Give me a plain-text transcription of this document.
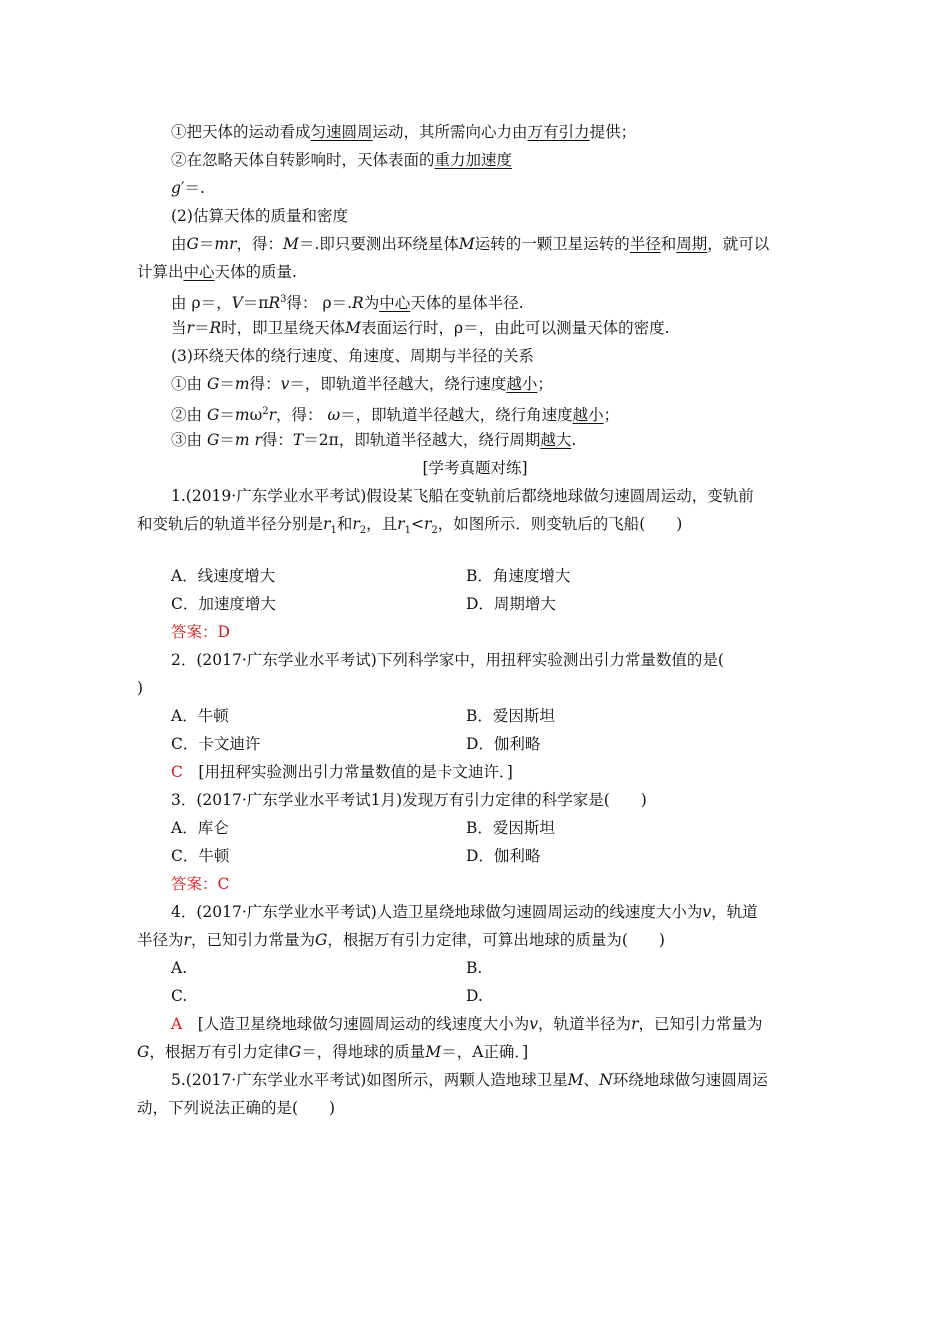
①把天体的运动看成匀速圆周运动，其所需向心力由万有引力提供；
②在忽略天体自转影响时，天体表面的重力加速度
g′＝.
(2)估算天体的质量和密度
由G＝mr，得：M＝.即只要测出环绕星体M运转的一颗卫星运转的半径和周期，就可以
计算出中心天体的质量.
由 ρ＝，$V=\pi R^3$得： ρ＝.R为中心天体的星体半径.
当r＝R时，即卫星绕天体M表面运行时，ρ＝，由此可以测量天体的密度.
(3)环绕天体的绕行速度、角速度、周期与半径的关系
①由 G＝m得：v＝，即轨道半径越大，绕行速度越小；
②由 $G=m\omega^2r$，得： ω＝，即轨道半径越大，绕行角速度越小；
③由 G＝m r得：T＝2π，即轨道半径越大，绕行周期越大.
[学考真题对练]
1.(2019·广东学业水平考试)假设某飞船在变轨前后都绕地球做匀速圆周运动，变轨前
和变轨后的轨道半径分别是$r_1$和$r_2$，且$r_1<r_2$，如图所示．则变轨后的飞船(　　)
A．线速度增大	B．角速度增大
C．加速度增大	D．周期增大
答案：D
2．(2017·广东学业水平考试)下列科学家中，用扭秤实验测出引力常量数值的是(
)
A．牛顿	B．爱因斯坦
C．卡文迪许	D．伽利略
C　 [用扭秤实验测出引力常量数值的是卡文迪许．]
3．(2017·广东学业水平考试1月)发现万有引力定律的科学家是(　　)
A．库仑	B．爱因斯坦
C．牛顿	D．伽利略
答案：C
4．(2017·广东学业水平考试)人造卫星绕地球做匀速圆周运动的线速度大小为v，轨道
半径为r，已知引力常量为G，根据万有引力定律，可算出地球的质量为(　　)
A.	B.
C.	D.
A　 [人造卫星绕地球做匀速圆周运动的线速度大小为v，轨道半径为r，已知引力常量为
G，根据万有引力定律G＝，得地球的质量M＝，A正确．]
5.(2017·广东学业水平考试)如图所示，两颗人造地球卫星M、N环绕地球做匀速圆周运
动，下列说法正确的是(　　)
